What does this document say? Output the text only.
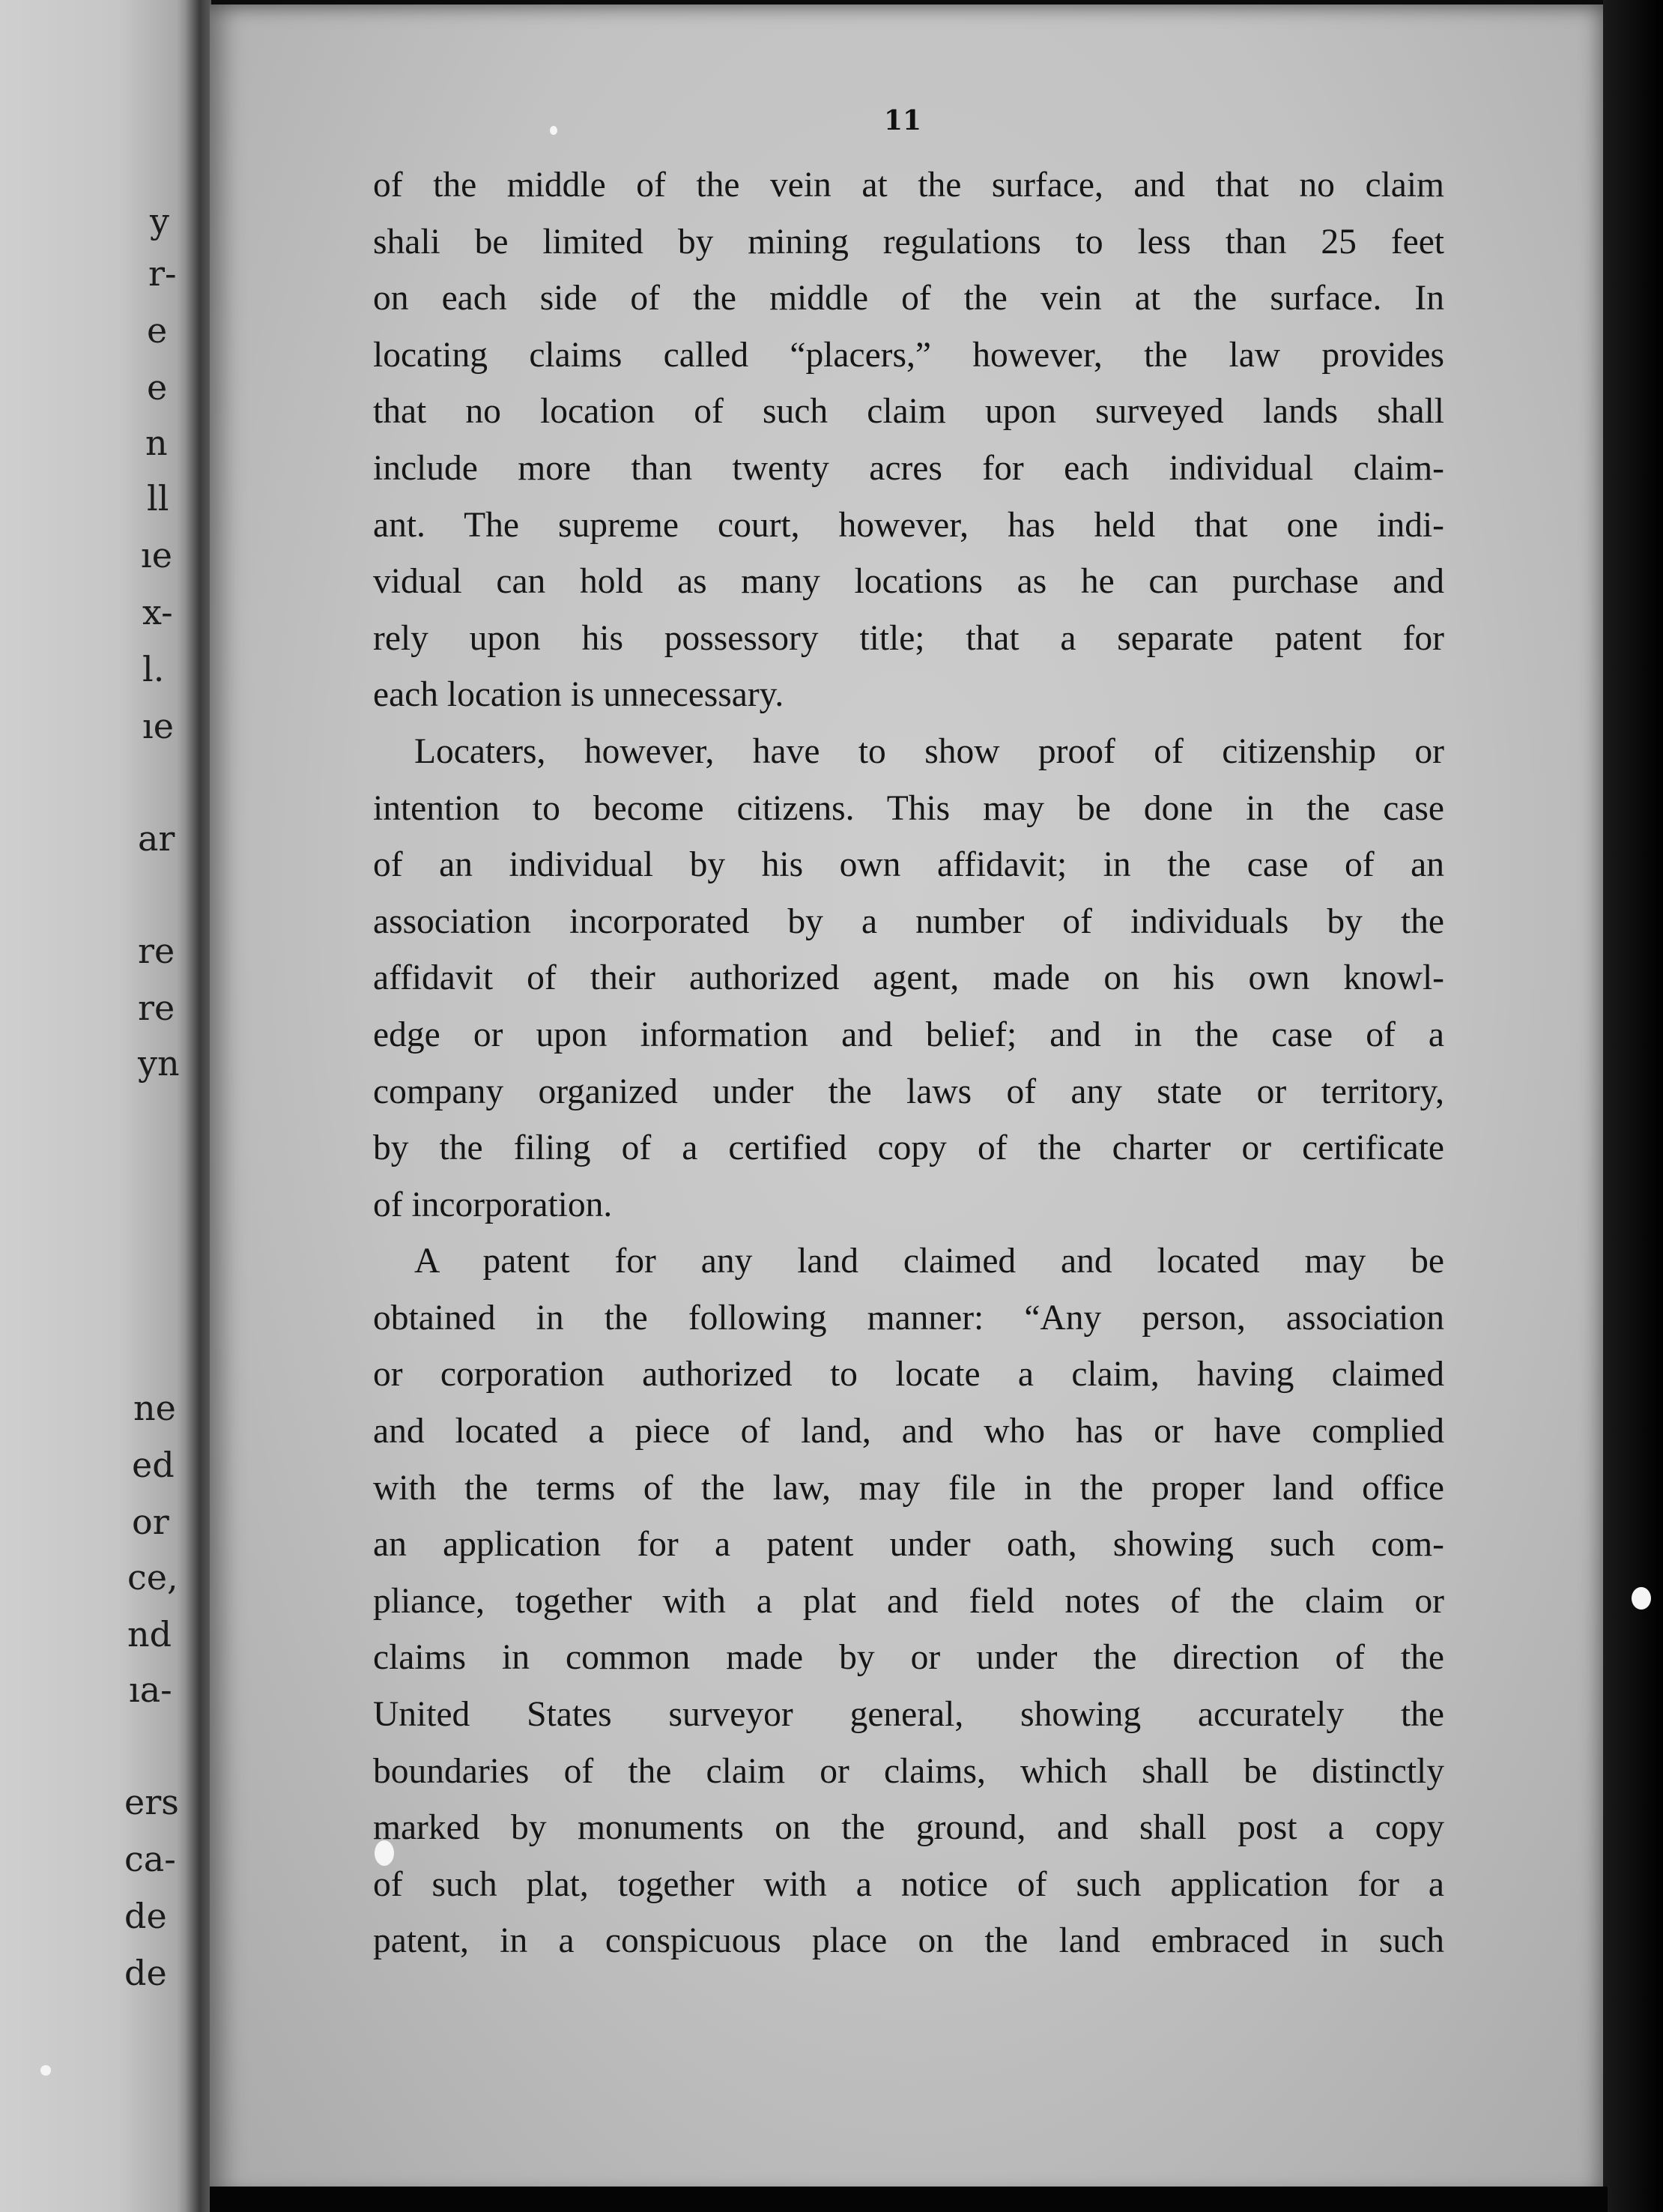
y
r-
e
e
n
ll
ıe
x-
l.
ıe
ar
re
re
yn
ne
ed
or
ce,
nd
ıa-
ers
ca-
de
de
11
of the middle of the vein at the surface, and that no claim
shali be limited by mining regulations to less than 25 feet
on each side of the middle of the vein at the surface. In
locating claims called “placers,” however, the law provides
that no location of such claim upon surveyed lands shall
include more than twenty acres for each individual claim-
ant. The supreme court, however, has held that one indi-
vidual can hold as many locations as he can purchase and
rely upon his possessory title; that a separate patent for
each location is unnecessary.
Locaters, however, have to show proof of citizenship or
intention to become citizens. This may be done in the case
of an individual by his own affidavit; in the case of an
association incorporated by a number of individuals by the
affidavit of their authorized agent, made on his own knowl-
edge or upon information and belief; and in the case of a
company organized under the laws of any state or territory,
by the filing of a certified copy of the charter or certificate
of incorporation.
A patent for any land claimed and located may be
obtained in the following manner: “Any person, association
or corporation authorized to locate a claim, having claimed
and located a piece of land, and who has or have complied
with the terms of the law, may file in the proper land office
an application for a patent under oath, showing such com-
pliance, together with a plat and field notes of the claim or
claims in common made by or under the direction of the
United States surveyor general, showing accurately the
boundaries of the claim or claims, which shall be distinctly
marked by monuments on the ground, and shall post a copy
of such plat, together with a notice of such application for a
patent, in a conspicuous place on the land embraced in such
